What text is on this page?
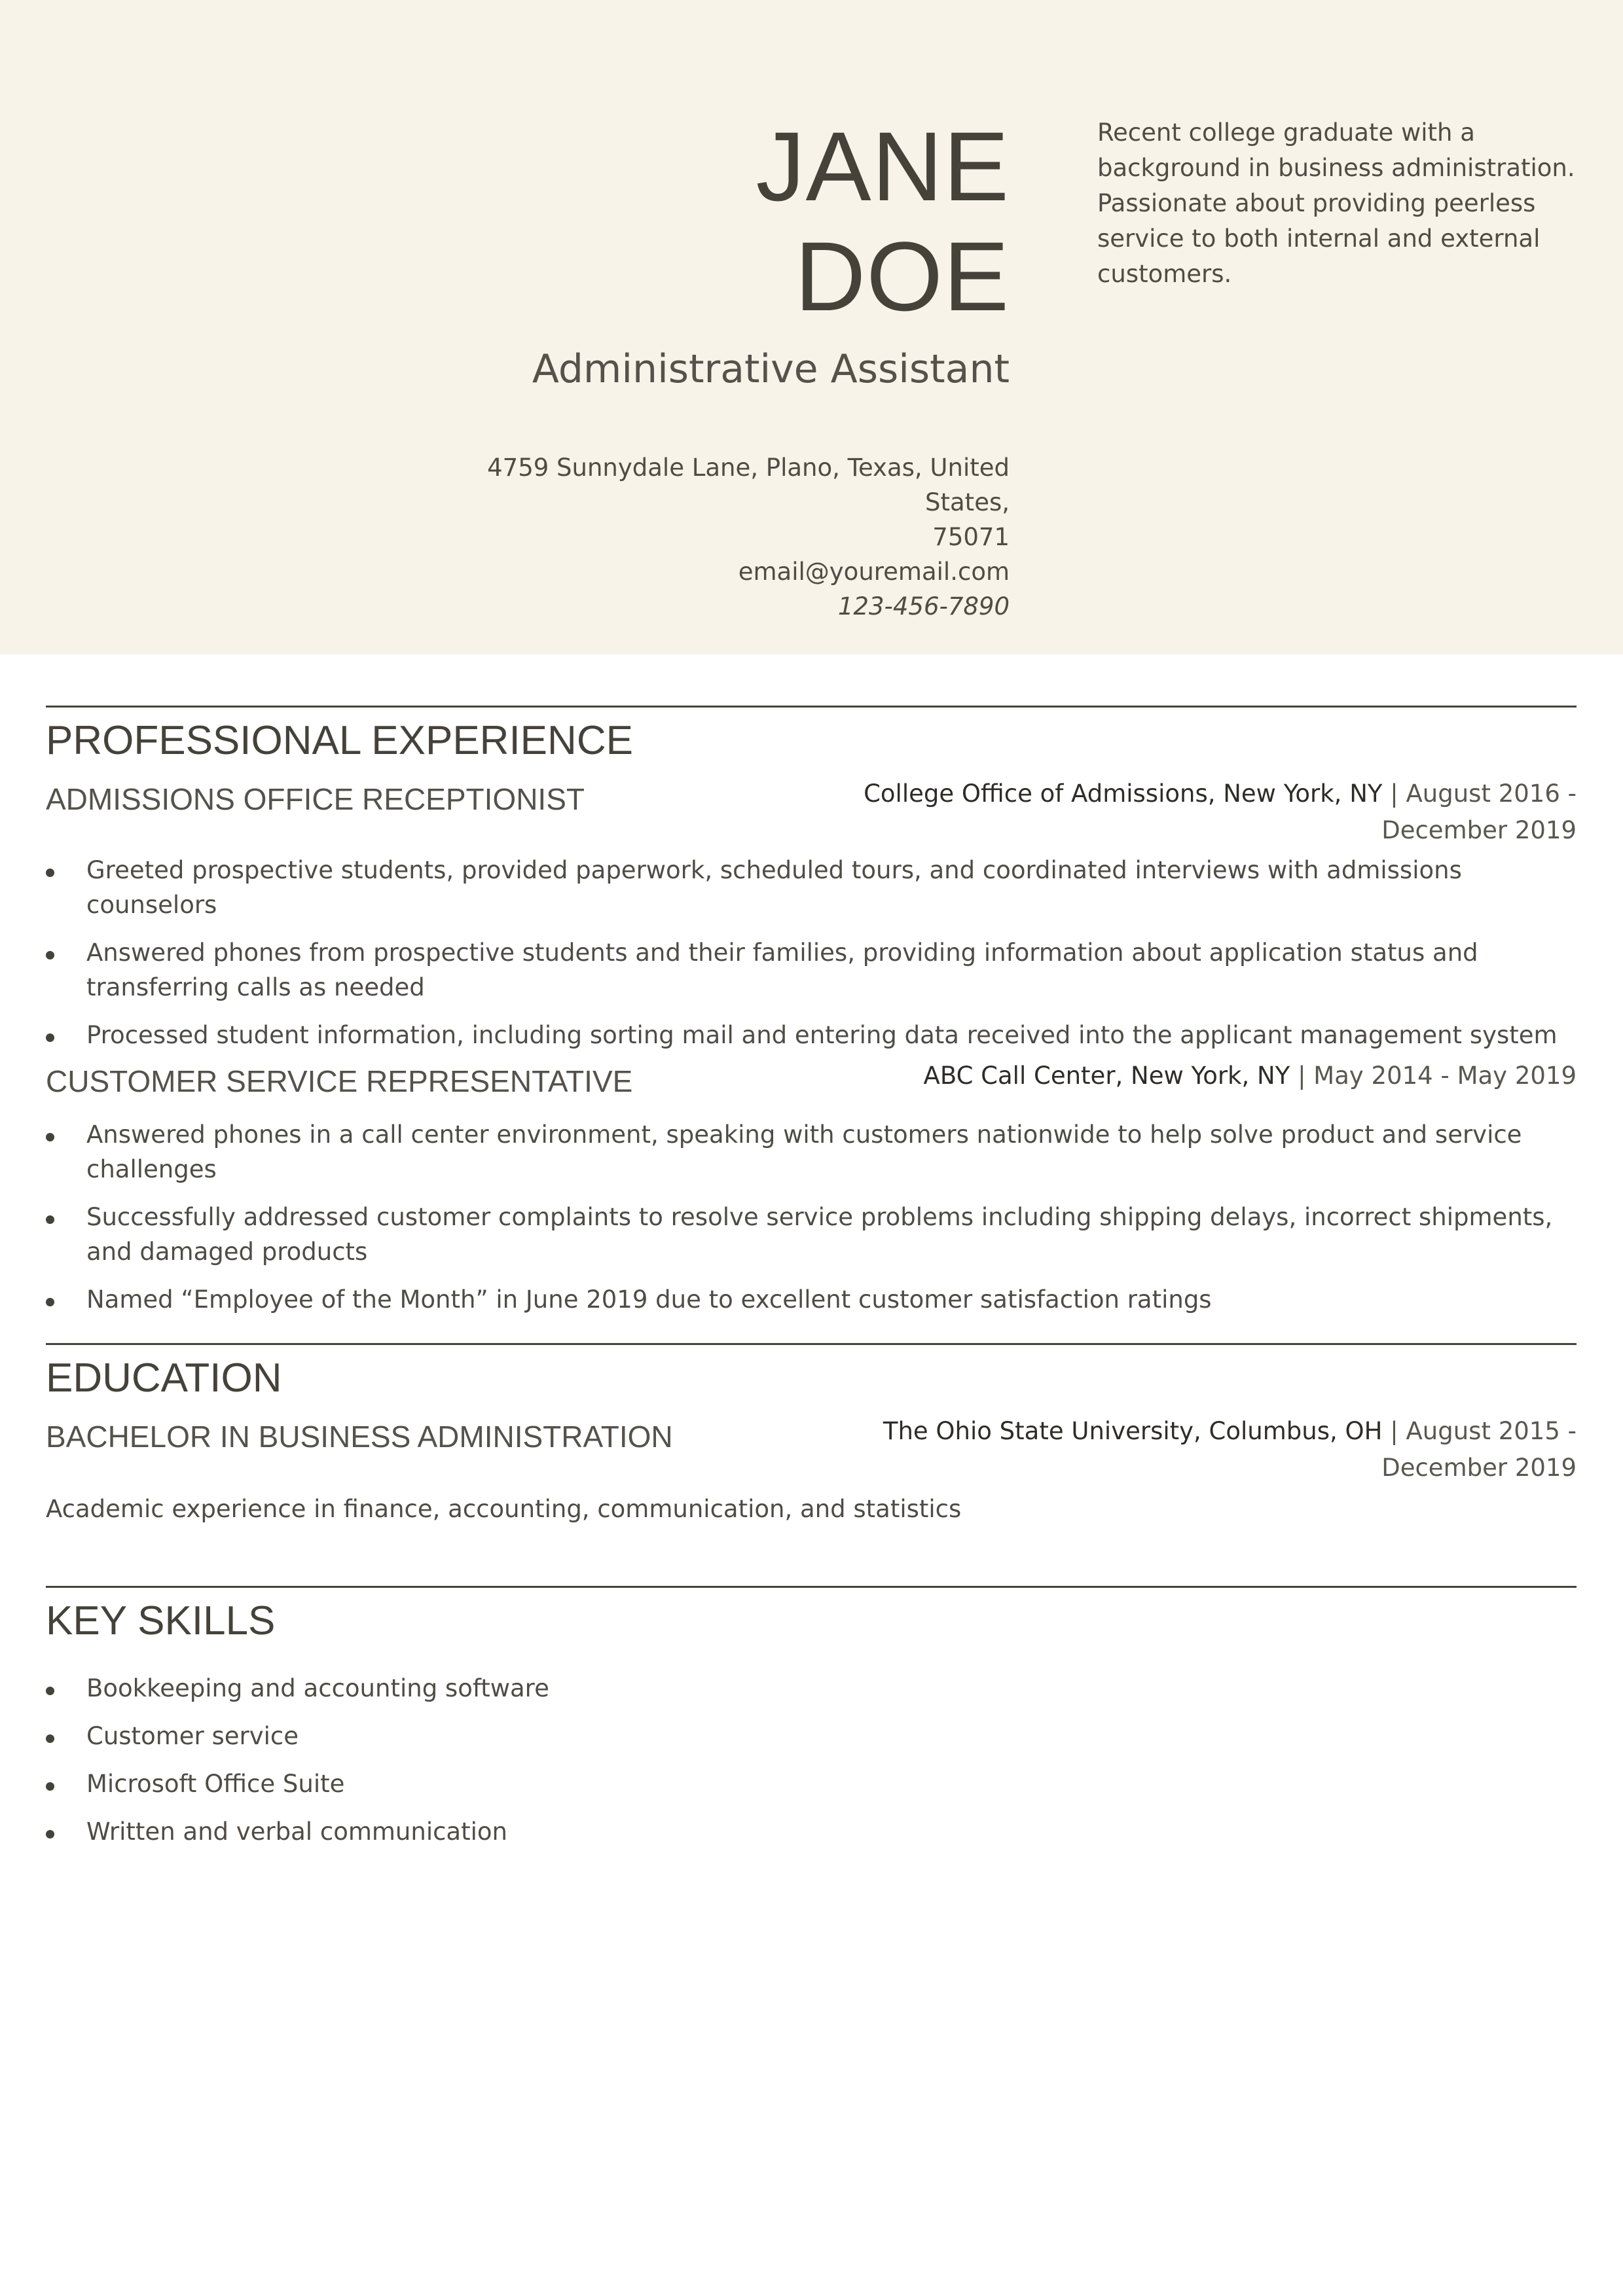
JANE
DOE
Administrative Assistant
4759 Sunnydale Lane, Plano, Texas, United States,
75071
email@youremail.com
123-456-7890
Recent college graduate with a background in business administration. Passionate about providing peerless service to both internal and external customers.
PROFESSIONAL EXPERIENCE
ADMISSIONS OFFICE RECEPTIONIST	College Office of Admissions, New York, NY | August 2016 - December 2019
Greeted prospective students, provided paperwork, scheduled tours, and coordinated interviews with admissions counselors
Answered phones from prospective students and their families, providing information about application status and transferring calls as needed
Processed student information, including sorting mail and entering data received into the applicant management system
CUSTOMER SERVICE REPRESENTATIVE	ABC Call Center, New York, NY | May 2014 - May 2019
Answered phones in a call center environment, speaking with customers nationwide to help solve product and service challenges
Successfully addressed customer complaints to resolve service problems including shipping delays, incorrect shipments, and damaged products
Named “Employee of the Month” in June 2019 due to excellent customer satisfaction ratings
EDUCATION
BACHELOR IN BUSINESS ADMINISTRATION	The Ohio State University, Columbus, OH | August 2015 - December 2019
Academic experience in finance, accounting, communication, and statistics
KEY SKILLS
Bookkeeping and accounting software
Customer service
Microsoft Office Suite
Written and verbal communication
